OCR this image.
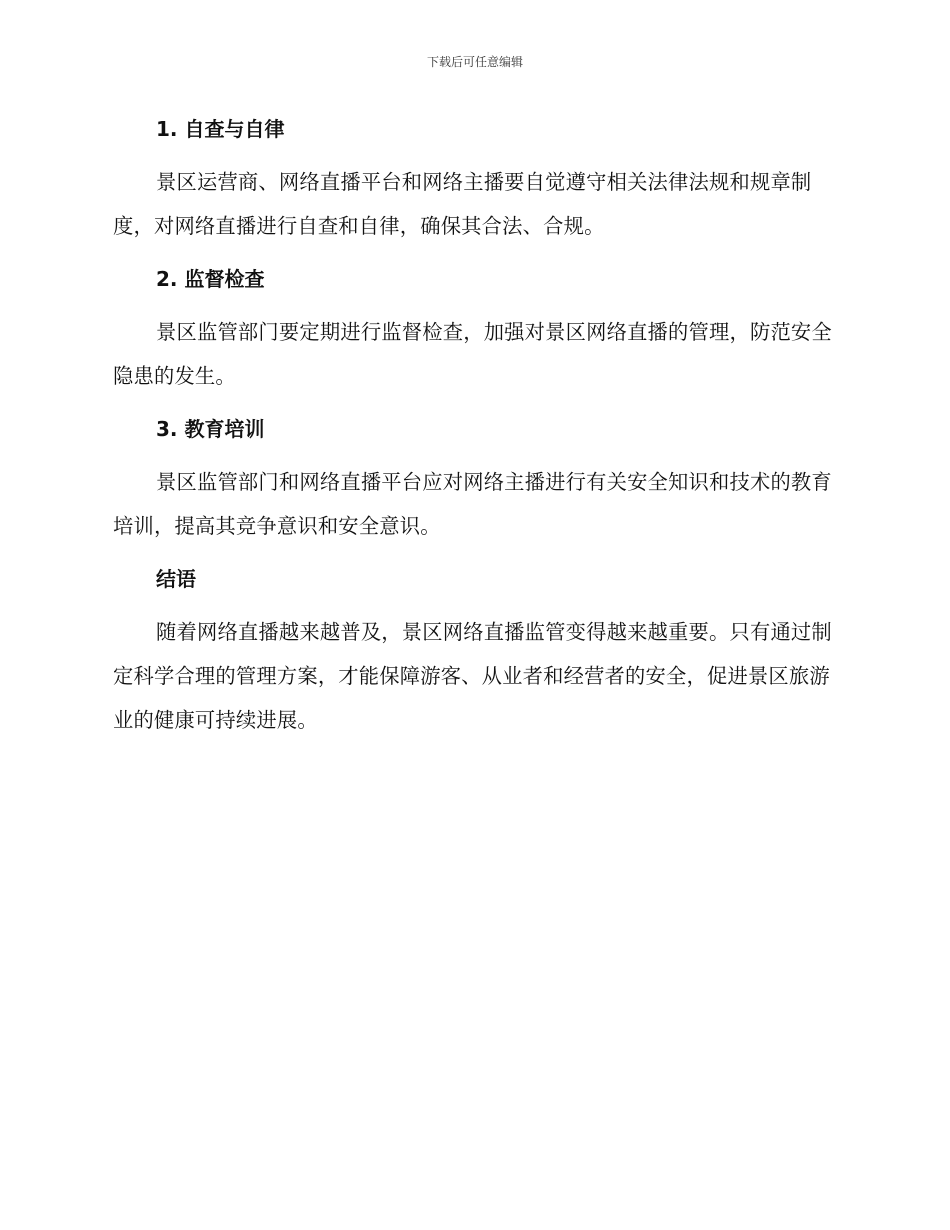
下载后可任意编辑
1. 自查与自律

景区运营商、网络直播平台和网络主播要自觉遵守相关法律法规和规章制度，对网络直播进行自查和自律，确保其合法、合规。

2. 监督检查

景区监管部门要定期进行监督检查，加强对景区网络直播的管理，防范安全隐患的发生。

3. 教育培训

景区监管部门和网络直播平台应对网络主播进行有关安全知识和技术的教育培训，提高其竞争意识和安全意识。

结语

随着网络直播越来越普及，景区网络直播监管变得越来越重要。只有通过制定科学合理的管理方案，才能保障游客、从业者和经营者的安全，促进景区旅游业的健康可持续进展。
